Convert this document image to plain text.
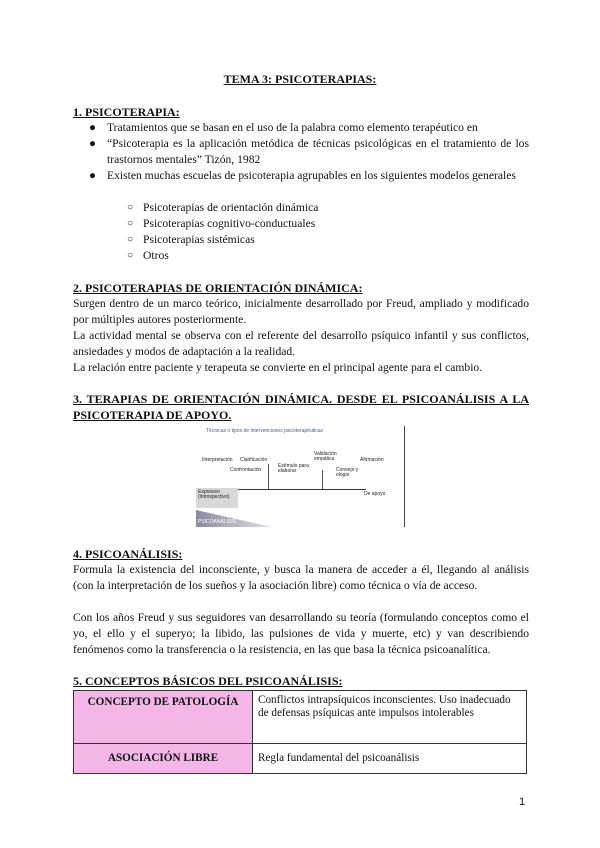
TEMA 3: PSICOTERAPIAS:
1. PSICOTERAPIA:
● Tratamientos que se basan en el uso de la palabra como elemento terapéutico en
● “Psicoterapia es la aplicación metódica de técnicas psicológicas en el tratamiento de los trastornos mentales” Tizón, 1982
● Existen muchas escuelas de psicoterapia agrupables en los siguientes modelos generales
○ Psicoterapias de orientación dinámica
○ Psicoterapias cognitivo-conductuales
○ Psicoterapias sistémicas
○ Otros
2. PSICOTERAPIAS DE ORIENTACIÓN DINÁMICA:
Surgen dentro de un marco teórico, inicialmente desarrollado por Freud, ampliado y modificado por múltiples autores posteriormente.
La actividad mental se observa con el referente del desarrollo psíquico infantil y sus conflictos, ansiedades y modos de adaptación a la realidad.
La relación entre paciente y terapeuta se convierte en el principal agente para el cambio.
3. TERAPIAS DE ORIENTACIÓN DINÁMICA. DESDE EL PSICOANÁLISIS A LA PSICOTERAPIA DE APOYO.
Técnicas o tipos de intervenciones psicoterapéuticas
Interpretación Clarificación
Confrontación
Estímulo para elaborar
Validación empática
Consejo y elogio
Afirmación
Expresivo (introspectivo)	De apoyo
PSICOANÁLISIS
4. PSICOANÁLISIS:
Formula la existencia del inconsciente, y busca la manera de acceder a él, llegando al análisis (con la interpretación de los sueños y la asociación libre) como técnica o vía de acceso.
Con los años Freud y sus seguidores van desarrollando su teoría (formulando conceptos como el yo, el ello y el superyo; la libido, las pulsiones de vida y muerte, etc) y van describiendo fenómenos como la transferencia o la resistencia, en las que basa la técnica psicoanalítica.
5. CONCEPTOS BÁSICOS DEL PSICOANÁLISIS:
CONCEPTO DE PATOLOGÍA	Conflictos intrapsíquicos inconscientes. Uso inadecuado de defensas psíquicas ante impulsos intolerables
ASOCIACIÓN LIBRE	Regla fundamental del psicoanálisis
1
